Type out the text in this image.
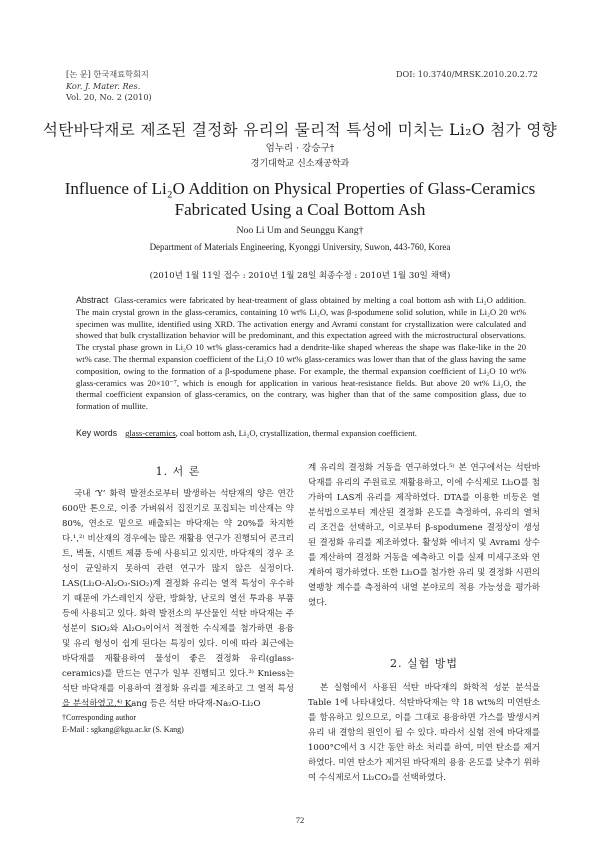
[논 문] 한국재료학회지
Kor. J. Mater. Res.
Vol. 20, No. 2 (2010)
DOI: 10.3740/MRSK.2010.20.2.72
석탄바닥재로 제조된 결정화 유리의 물리적 특성에 미치는 Li₂O 첨가 영향
엄누리 · 강승구†
경기대학교 신소재공학과
Influence of Li₂O Addition on Physical Properties of Glass-Ceramics
Fabricated Using a Coal Bottom Ash
Noo Li Um and Seunggu Kang†
Department of Materials Engineering, Kyonggi University, Suwon, 443-760, Korea
(2010년 1월 11일 접수 : 2010년 1월 28일 최종수정 : 2010년 1월 30일 채택)
Abstract Glass-ceramics were fabricated by heat-treatment of glass obtained by melting a coal bottom ash with Li₂O addition. The main crystal grown in the glass-ceramics, containing 10 wt% Li₂O, was β-spodumene solid solution, while in Li₂O 20 wt% specimen was mullite, identified using XRD. The activation energy and Avrami constant for crystallization were calculated and showed that bulk crystallization behavior will be predominant, and this expectation agreed with the microstructural observations. The crystal phase grown in Li₂O 10 wt% glass-ceramics had a dendrite-like shaped whereas the shape was flake-like in the 20 wt% case. The thermal expansion coefficient of the Li₂O 10 wt% glass-ceramics was lower than that of the glass having the same composition, owing to the formation of a β-spodumene phase. For example, the thermal expansion coefficient of Li₂O 10 wt% glass-ceramics was 20×10⁻⁷, which is enough for application in various heat-resistance fields. But above 20 wt% Li₂O, the thermal coefficient expansion of glass-ceramics, on the contrary, was higher than that of the same composition glass, due to formation of mullite.
Key words glass-ceramics, coal bottom ash, Li₂O, crystallization, thermal expansion coefficient.
1. 서 론

국내 ‘Y’ 화력 발전소로부터 발생하는 석탄재의 양은 연간 600만 톤으로, 이중 가벼워서 집진기로 포집되는 비산재는 약 80%, 연소로 밑으로 배출되는 바닥재는 약 20%를 차지한다.¹,²⁾ 비산재의 경우에는 많은 재활용 연구가 진행되어 콘크리트, 벽돌, 시멘트 제품 등에 사용되고 있지만, 바닥재의 경우 조성이 균일하지 못하여 관련 연구가 많지 않은 실정이다. LAS(Li₂O-Al₂O₃-SiO₂)계 결정화 유리는 열적 특성이 우수하기 때문에 가스레인지 상판, 방화창, 난로의 열선 투과용 부품 등에 사용되고 있다. 화력 발전소의 부산물인 석탄 바닥재는 주성분이 SiO₂와 Al₂O₃이어서 적절한 수식제를 첨가하면 용융 및 유리 형성이 쉽게 된다는 특징이 있다. 이에 따라 최근에는 바닥재를 재활용하여 물성이 좋은 결정화 유리(glass-ceramics)를 만드는 연구가 일부 진행되고 있다.³⁾ Kniess는 석탄 바닥재를 이용하여 결정화 유리를 제조하고 그 열적 특성을 분석하였고,⁴⁾ Kang 등은 석탄 바닥재-Na₂O-Li₂O

계 유리의 결정화 거동을 연구하였다.⁵⁾ 본 연구에서는 석탄바닥재를 유리의 주원료로 재활용하고, 이에 수식제로 Li₂O를 첨가하여 LAS계 유리를 제작하였다. DTA를 이용한 비등온 열 분석법으로부터 계산된 결정화 온도를 측정하여, 유리의 열처리 조건을 선택하고, 이로부터 β-spodumene 결정상이 생성된 결정화 유리를 제조하였다. 활성화 에너지 및 Avrami 상수를 계산하여 결정화 거동을 예측하고 이를 실제 미세구조와 연계하여 평가하였다. 또한 Li₂O를 첨가한 유리 및 결정화 시편의 열팽창 계수를 측정하여 내열 분야로의 적용 가능성을 평가하였다.

2. 실험 방법

본 실험에서 사용된 석탄 바닥재의 화학적 성분 분석을 Table 1에 나타내었다. 석탄바닥재는 약 18 wt%의 미연탄소를 함유하고 있으므로, 이를 그대로 용융하면 가스를 발생시켜 유리 내 결함의 원인이 될 수 있다. 따라서 실험 전에 바닥재를 1000°C에서 3 시간 동안 하소 처리를 하여, 미연 탄소를 제거하였다. 미연 탄소가 제거된 바닥재의 용융 온도를 낮추기 위하여 수식제로서 Li₂CO₃를 선택하였다.

†Corresponding author
E-Mail : sgkang@kgu.ac.kr (S. Kang)
72
